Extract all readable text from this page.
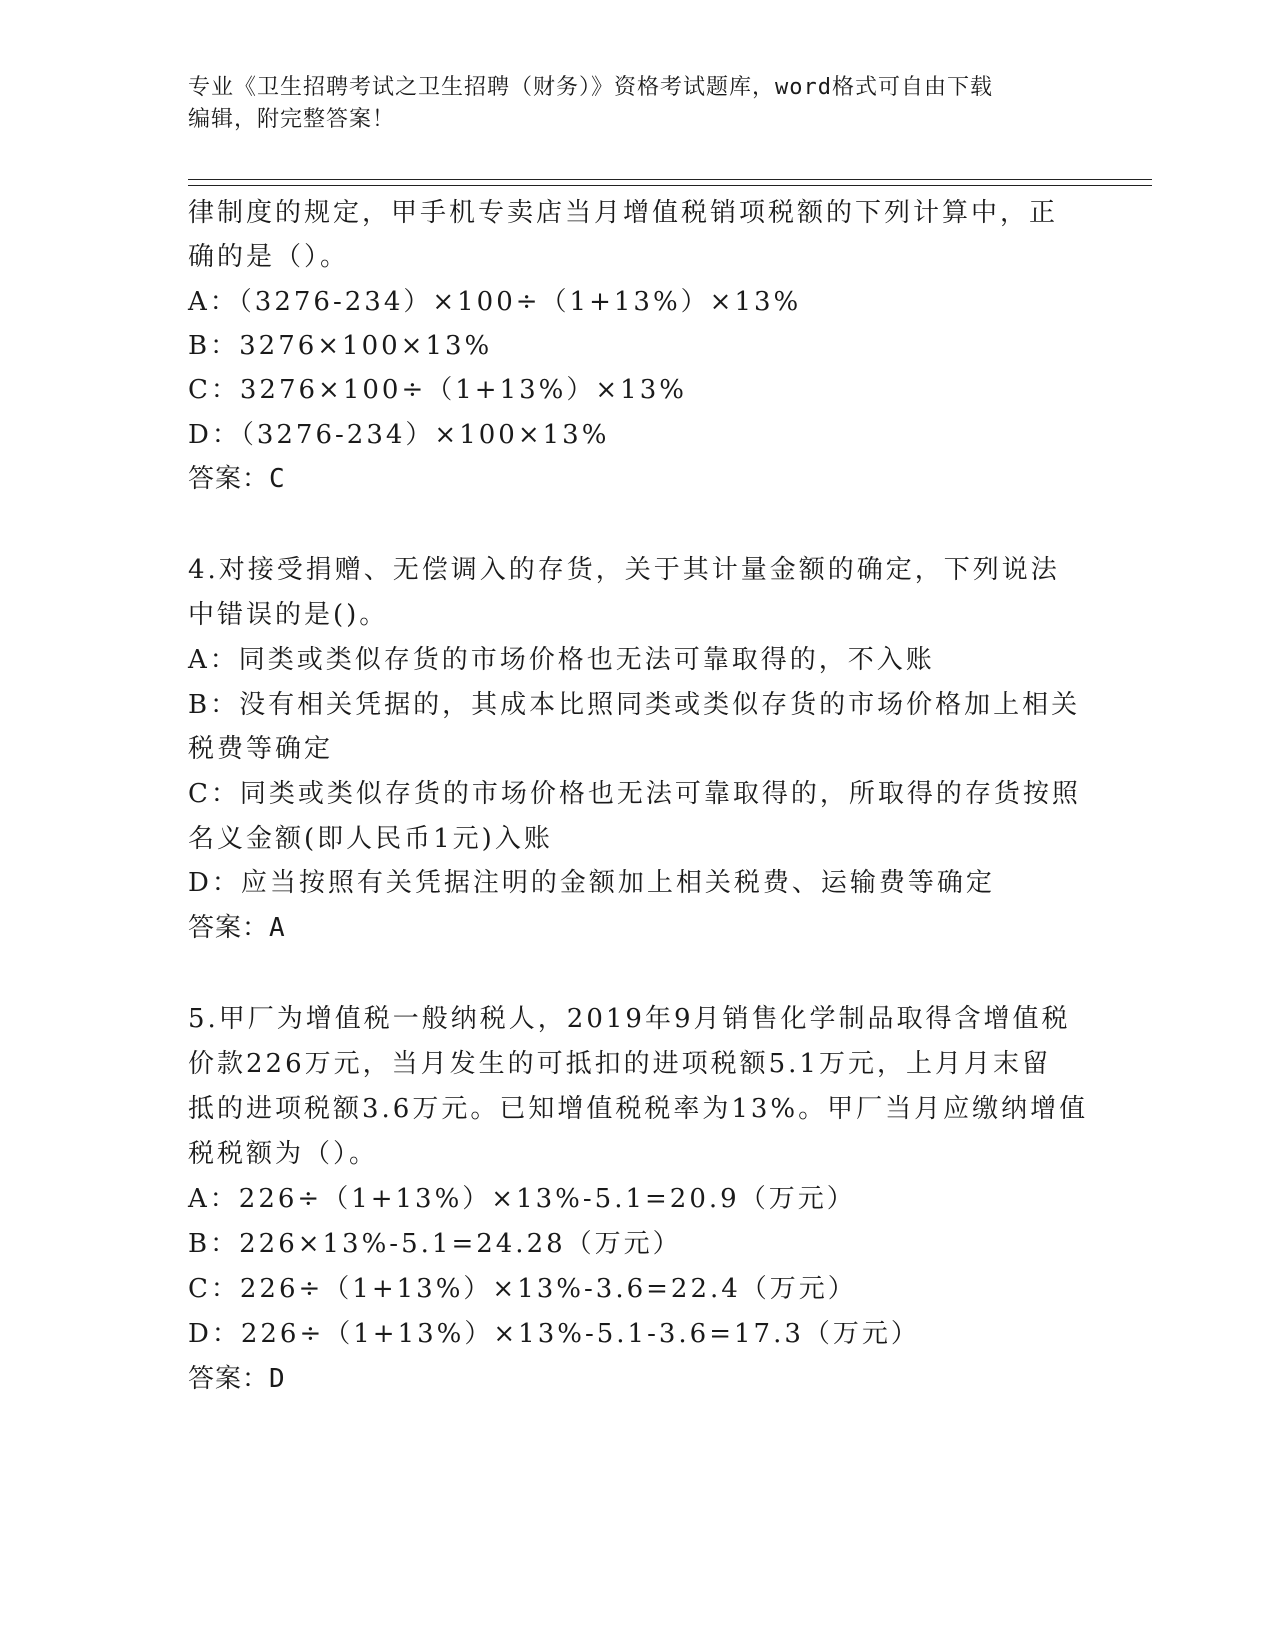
专业《卫生招聘考试之卫生招聘（财务）》资格考试题库，word格式可自由下载
编辑，附完整答案！
律制度的规定，甲手机专卖店当月增值税销项税额的下列计算中，正
确的是（）。
A：（3276-234）×100÷（1+13%）×13%
B：3276×100×13%
C：3276×100÷（1+13%）×13%
D：（3276-234）×100×13%
答案：C
4.对接受捐赠、无偿调入的存货，关于其计量金额的确定，下列说法
中错误的是()。
A：同类或类似存货的市场价格也无法可靠取得的，不入账
B：没有相关凭据的，其成本比照同类或类似存货的市场价格加上相关
税费等确定
C：同类或类似存货的市场价格也无法可靠取得的，所取得的存货按照
名义金额(即人民币1元)入账
D：应当按照有关凭据注明的金额加上相关税费、运输费等确定
答案：A
5.甲厂为增值税一般纳税人，2019年9月销售化学制品取得含增值税
价款226万元，当月发生的可抵扣的进项税额5.1万元，上月月末留
抵的进项税额3.6万元。已知增值税税率为13%。甲厂当月应缴纳增值
税税额为（）。
A：226÷（1+13%）×13%-5.1=20.9（万元）
B：226×13%-5.1=24.28（万元）
C：226÷（1+13%）×13%-3.6=22.4（万元）
D：226÷（1+13%）×13%-5.1-3.6=17.3（万元）
答案：D
